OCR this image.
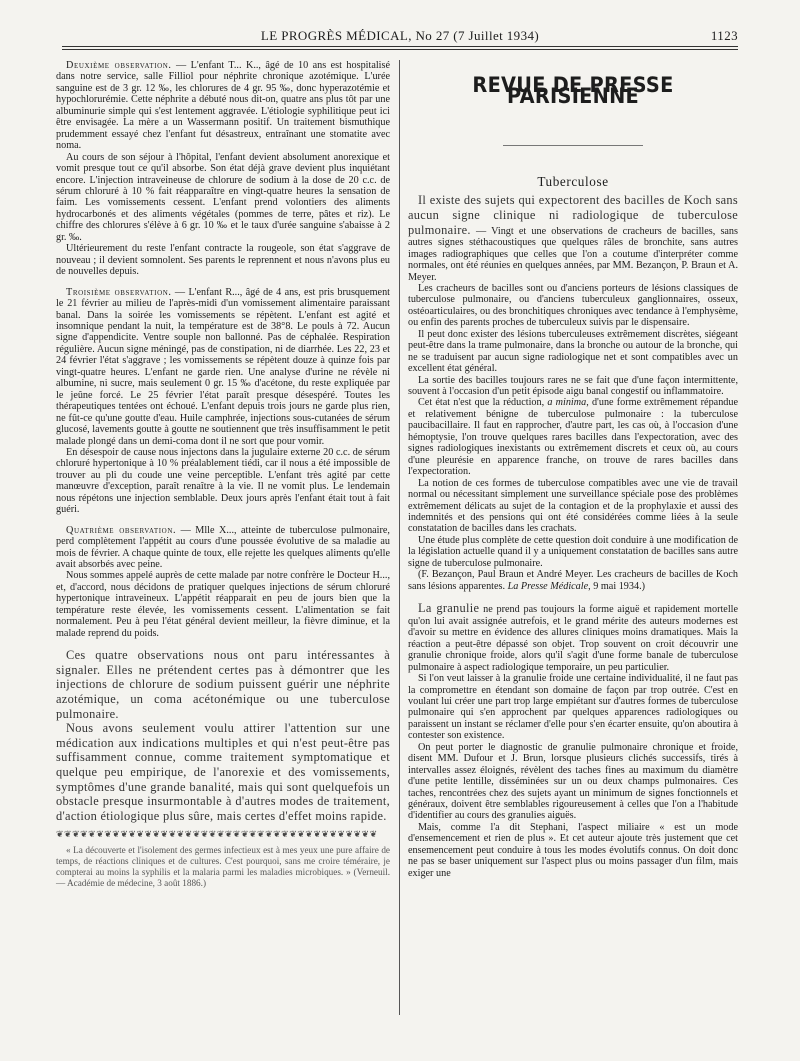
LE PROGRÈS MÉDICAL, No 27 (7 Juillet 1934)	1123

Deuxième observation. — L'enfant T... K.., âgé de 10 ans est hospitalisé dans notre service, salle Filliol pour néphrite chronique azotémique. L'urée sanguine est de 3 gr. 12 ‰, les chlorures de 4 gr. 95 ‰, donc hyperazotémie et hypochlorurémie. Cette néphrite a débuté nous dit-on, quatre ans plus tôt par une albuminurie simple qui s'est lentement aggravée. L'étiologie syphilitique peut ici être envisagée. La mère a un Wassermann positif. Un traitement bismuthique prudemment essayé chez l'enfant fut désastreux, entraînant une stomatite avec noma.

Au cours de son séjour à l'hôpital, l'enfant devient absolument anorexique et vomit presque tout ce qu'il absorbe. Son état déjà grave devient plus inquiétant encore. L'injection intraveineuse de chlorure de sodium à la dose de 20 c.c. de sérum chloruré à 10 % fait réapparaître en vingt-quatre heures la sensation de faim. Les vomissements cessent. L'enfant prend volontiers des aliments hydrocarbonés et des aliments végétales (pommes de terre, pâtes et riz). Le chiffre des chlorures s'élève à 6 gr. 10 ‰ et le taux d'urée sanguine s'abaisse à 2 gr. ‰.

Ultérieurement du reste l'enfant contracte la rougeole, son état s'aggrave de nouveau ; il devient somnolent. Ses parents le reprennent et nous n'avons plus eu de nouvelles depuis.

Troisième observation. — L'enfant R..., âgé de 4 ans, est pris brusquement le 21 février au milieu de l'après-midi d'un vomissement alimentaire paraissant banal. Dans la soirée les vomissements se répètent. L'enfant est agité et insomnique pendant la nuit, la température est de 38°8. Le pouls à 72. Aucun signe d'appendicite. Ventre souple non ballonné. Pas de céphalée. Respiration régulière. Aucun signe méningé, pas de constipation, ni de diarrhée. Les 22, 23 et 24 février l'état s'aggrave ; les vomissements se répètent douze à quinze fois par vingt-quatre heures. L'enfant ne garde rien. Une analyse d'urine ne révèle ni albumine, ni sucre, mais seulement 0 gr. 15 ‰ d'acétone, du reste expliquée par le jeûne forcé. Le 25 février l'état paraît presque désespéré. Toutes les thérapeutiques tentées ont échoué. L'enfant depuis trois jours ne garde plus rien, ne fût-ce qu'une goutte d'eau. Huile camphrée, injections sous-cutanées de sérum glucosé, lavements goutte à goutte ne soutiennent que très insuffisamment le petit malade plongé dans un demi-coma dont il ne sort que pour vomir.

En désespoir de cause nous injectons dans la jugulaire externe 20 c.c. de sérum chloruré hypertonique à 10 % préalablement tiédi, car il nous a été impossible de trouver au pli du coude une veine perceptible. L'enfant très agité par cette manœuvre d'exception, paraît renaître à la vie. Il ne vomit plus. Le lendemain nous répétons une injection semblable. Deux jours après l'enfant était tout à fait guéri.

Quatrième observation. — Mlle X..., atteinte de tuberculose pulmonaire, perd complètement l'appétit au cours d'une poussée évolutive de sa maladie au mois de février. A chaque quinte de toux, elle rejette les quelques aliments qu'elle avait absorbés avec peine.

Nous sommes appelé auprès de cette malade par notre confrère le Docteur H..., et, d'accord, nous décidons de pratiquer quelques injections de sérum chloruré hypertonique intraveineux. L'appétit réapparait en peu de jours bien que la température reste élevée, les vomissements cessent. L'alimentation se fait normalement. Peu à peu l'état général devient meilleur, la fièvre diminue, et la malade reprend du poids.

Ces quatre observations nous ont paru intéressantes à signaler. Elles ne prétendent certes pas à démontrer que les injections de chlorure de sodium puissent guérir une néphrite azotémique, un coma acétonémique ou une tuberculose pulmonaire.

Nous avons seulement voulu attirer l'attention sur une médication aux indications multiples et qui n'est peut-être pas suffisamment connue, comme traitement symptomatique et quelque peu empirique, de l'anorexie et des vomissements, symptômes d'une grande banalité, mais qui sont quelquefois un obstacle presque insurmontable à d'autres modes de traitement, d'action étiologique plus sûre, mais certes d'effet moins rapide.

❦❦❦❦❦❦❦❦❦❦❦❦❦❦❦❦❦❦❦❦❦❦❦❦❦❦❦❦❦❦❦❦❦❦❦❦❦❦❦❦

« La découverte et l'isolement des germes infectieux est à mes yeux une pure affaire de temps, de réactions cliniques et de cultures. C'est pourquoi, sans me croire téméraire, je compterai au moins la syphilis et la malaria parmi les maladies microbiques. » (Verneuil. — Académie de médecine, 3 août 1886.)

REVUE DE PRESSE PARISIENNE
Tuberculose

Il existe des sujets qui expectorent des bacilles de Koch sans aucun signe clinique ni radiologique de tuberculose pulmonaire. — Vingt et une observations de cracheurs de bacilles, sans autres signes stéthacoustiques que quelques râles de bronchite, sans autres images radiographiques que celles que l'on a coutume d'interpréter comme normales, ont été réunies en quelques années, par MM. Bezançon, P. Braun et A. Meyer.

Les cracheurs de bacilles sont ou d'anciens porteurs de lésions classiques de tuberculose pulmonaire, ou d'anciens tuberculeux ganglionnaires, osseux, ostéoarticulaires, ou des bronchitiques chroniques avec tendance à l'emphysème, ou enfin des parents proches de tuberculeux suivis par le dispensaire.

Il peut donc exister des lésions tuberculeuses extrêmement discrètes, siégeant peut-être dans la trame pulmonaire, dans la bronche ou autour de la bronche, qui ne se traduisent par aucun signe radiologique net et sont compatibles avec un excellent état général.

La sortie des bacilles toujours rares ne se fait que d'une façon intermittente, souvent à l'occasion d'un petit épisode aigu banal congestif ou inflammatoire.

Cet état n'est que la réduction, a minima, d'une forme extrêmement répandue et relativement bénigne de tuberculose pulmonaire : la tuberculose paucibacillaire. Il faut en rapprocher, d'autre part, les cas où, à l'occasion d'une hémoptysie, l'on trouve quelques rares bacilles dans l'expectoration, avec des signes radiologiques inexistants ou extrêmement discrets et ceux où, au cours d'une pleurésie en apparence franche, on trouve de rares bacilles dans l'expectoration.

La notion de ces formes de tuberculose compatibles avec une vie de travail normal ou nécessitant simplement une surveillance spéciale pose des problèmes extrêmement délicats au sujet de la contagion et de la prophylaxie et aussi des indemnités et des pensions qui ont été considérées comme liées à la seule constatation de bacilles dans les crachats.

Une étude plus complète de cette question doit conduire à une modification de la législation actuelle quand il y a uniquement constatation de bacilles sans autre signe de tuberculose pulmonaire.

(F. Bezançon, Paul Braun et André Meyer. Les cracheurs de bacilles de Koch sans lésions apparentes. La Presse Médicale, 9 mai 1934.)

La granulie ne prend pas toujours la forme aiguë et rapidement mortelle qu'on lui avait assignée autrefois, et le grand mérite des auteurs modernes est d'avoir su mettre en évidence des allures cliniques moins dramatiques. Mais la réaction a peut-être dépassé son objet. Trop souvent on croit découvrir une granulie chronique froide, alors qu'il s'agit d'une forme banale de tuberculose pulmonaire à aspect radiologique temporaire, un peu particulier.

Si l'on veut laisser à la granulie froide une certaine individualité, il ne faut pas la compromettre en étendant son domaine de façon par trop outrée. C'est en voulant lui créer une part trop large empiétant sur d'autres formes de tuberculose pulmonaire qui s'en approchent par quelques apparences radiologiques ou paraissent un instant se réclamer d'elle pour s'en écarter ensuite, qu'on aboutira à contester son existence.

On peut porter le diagnostic de granulie pulmonaire chronique et froide, disent MM. Dufour et J. Brun, lorsque plusieurs clichés successifs, tirés à intervalles assez éloignés, révèlent des taches fines au maximum du diamètre d'une petite lentille, disséminées sur un ou deux champs pulmonaires. Ces taches, rencontrées chez des sujets ayant un minimum de signes fonctionnels et généraux, doivent être semblables rigoureusement à celles que l'on a l'habitude d'identifier au cours des granulies aiguës.

Mais, comme l'a dit Stephani, l'aspect miliaire « est un mode d'ensemencement et rien de plus ». Et cet auteur ajoute très justement que cet ensemencement peut conduire à tous les modes évolutifs connus. On doit donc ne pas se baser uniquement sur l'aspect plus ou moins passager d'un film, mais exiger une
